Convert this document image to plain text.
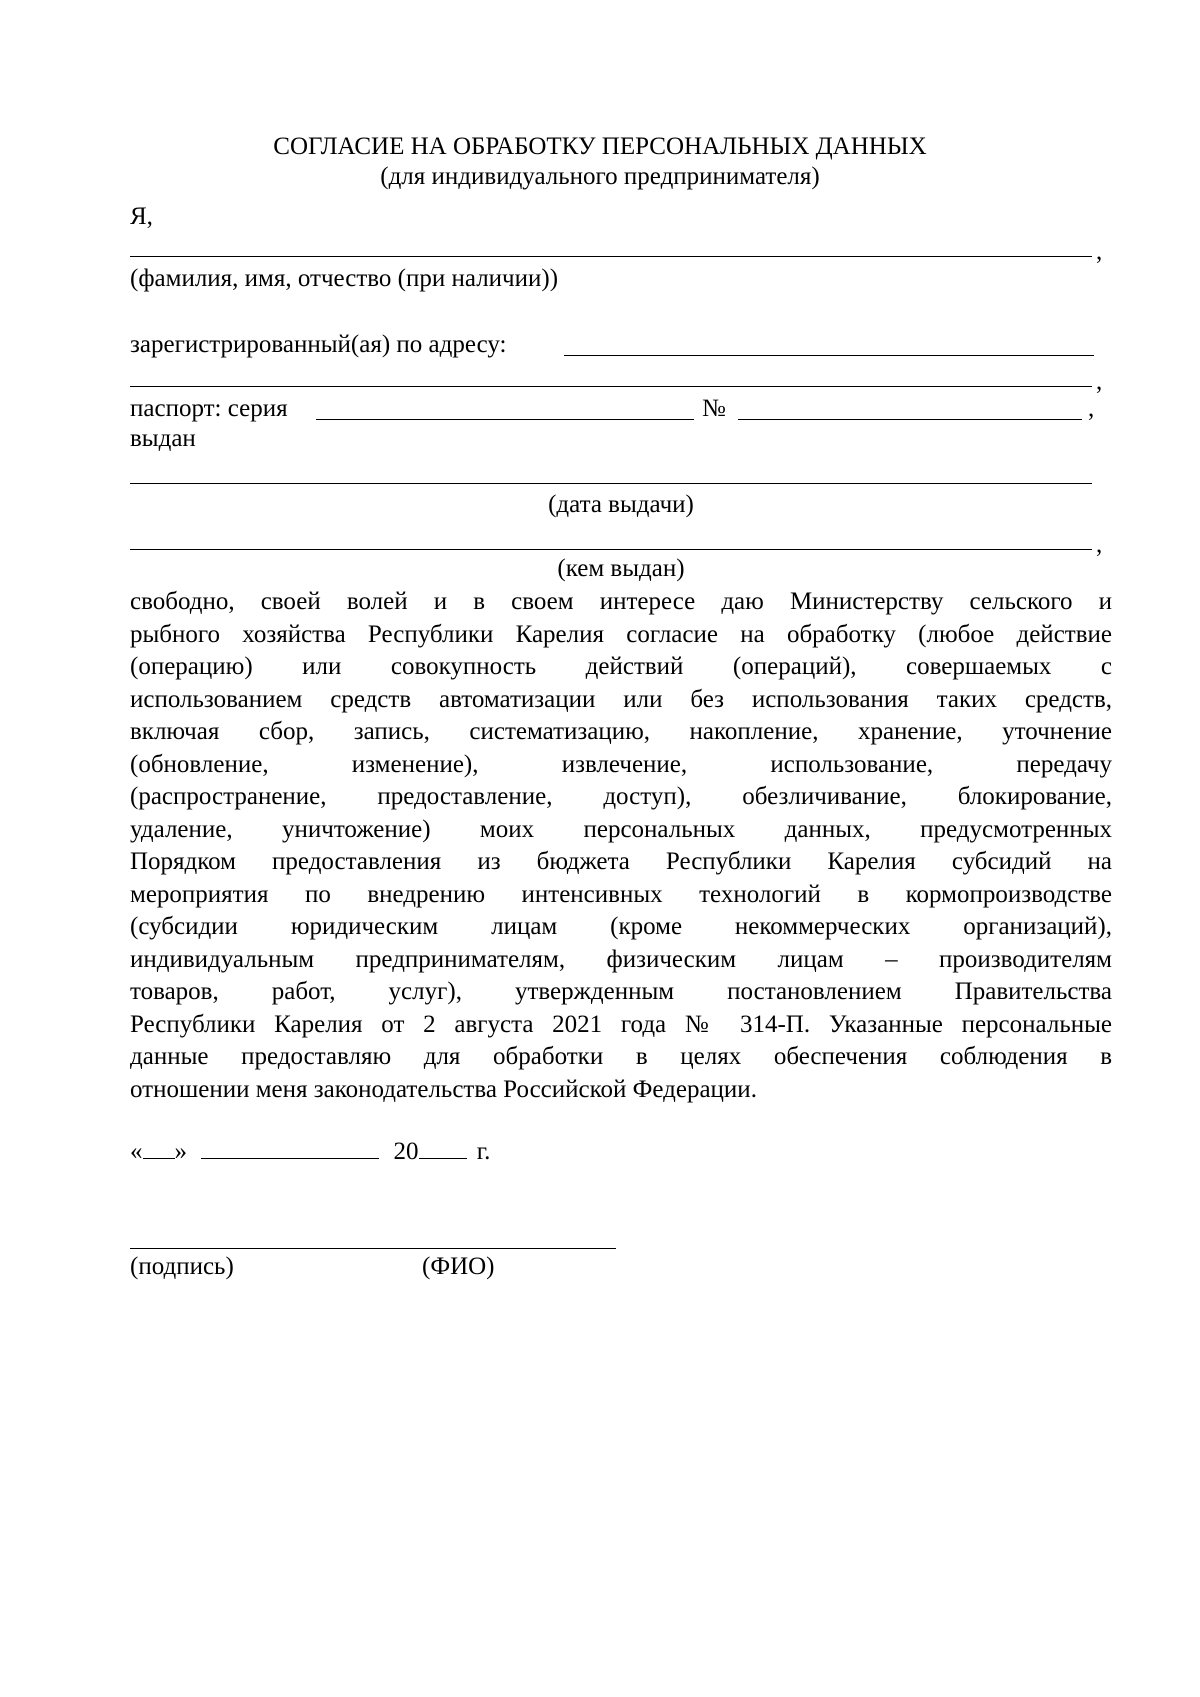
СОГЛАСИЕ НА ОБРАБОТКУ ПЕРСОНАЛЬНЫХ ДАННЫХ
(для индивидуального предпринимателя)
Я,
,
(фамилия, имя, отчество (при наличии))
зарегистрированный(ая) по адресу:
,
паспорт: серия	№	,
выдан
(дата выдачи)
,
(кем выдан)
свободно, своей волей и в своем интересе даю Министерству сельского и
рыбного хозяйства Республики Карелия согласие на обработку (любое действие
(операцию) или совокупность действий (операций), совершаемых с
использованием средств автоматизации или без использования таких средств,
включая сбор, запись, систематизацию, накопление, хранение, уточнение
(обновление, изменение), извлечение, использование, передачу
(распространение, предоставление, доступ), обезличивание, блокирование,
удаление, уничтожение) моих персональных данных, предусмотренных
Порядком предоставления из бюджета Республики Карелия субсидий на
мероприятия по внедрению интенсивных технологий в кормопроизводстве
(субсидии юридическим лицам (кроме некоммерческих организаций),
индивидуальным предпринимателям, физическим лицам – производителям
товаров, работ, услуг), утвержденным постановлением Правительства
Республики Карелия от 2 августа 2021 года № 314-П. Указанные персональные
данные предоставляю для обработки в целях обеспечения соблюдения в
отношении меня законодательства Российской Федерации.
« »	20 г.
(подпись)	(ФИО)
